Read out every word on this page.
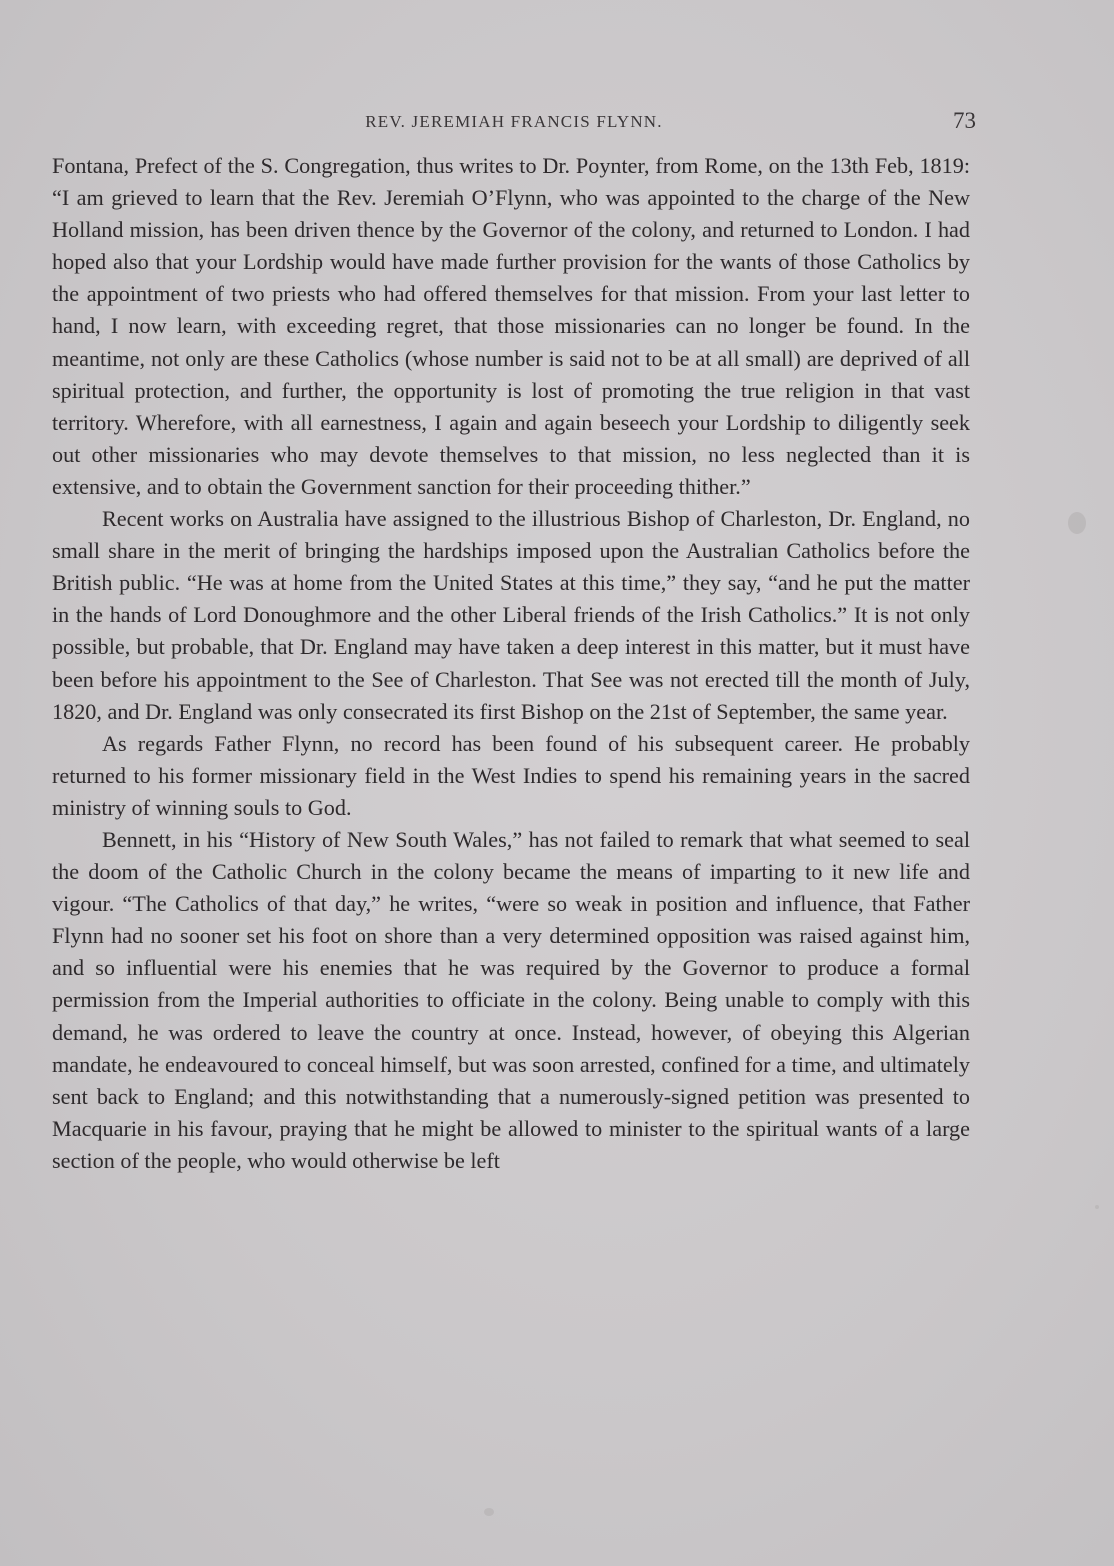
REV. JEREMIAH FRANCIS FLYNN.	73

Fontana, Prefect of the S. Congregation, thus writes to Dr. Poynter, from Rome, on the 13th Feb, 1819: “I am grieved to learn that the Rev. Jeremiah O’Flynn, who was appointed to the charge of the New Holland mission, has been driven thence by the Governor of the colony, and returned to London. I had hoped also that your Lordship would have made further provision for the wants of those Catholics by the appointment of two priests who had offered themselves for that mission. From your last letter to hand, I now learn, with exceeding regret, that those missionaries can no longer be found. In the meantime, not only are these Catholics (whose number is said not to be at all small) are deprived of all spiritual protection, and further, the opportunity is lost of promoting the true religion in that vast territory. Wherefore, with all earnestness, I again and again beseech your Lordship to diligently seek out other missionaries who may devote themselves to that mission, no less neglected than it is extensive, and to obtain the Government sanction for their proceeding thither.”

Recent works on Australia have assigned to the illustrious Bishop of Charleston, Dr. England, no small share in the merit of bringing the hardships imposed upon the Australian Catholics before the British public. “He was at home from the United States at this time,” they say, “and he put the matter in the hands of Lord Donoughmore and the other Liberal friends of the Irish Catholics.” It is not only possible, but probable, that Dr. England may have taken a deep interest in this matter, but it must have been before his appointment to the See of Charleston. That See was not erected till the month of July, 1820, and Dr. England was only consecrated its first Bishop on the 21st of September, the same year.

As regards Father Flynn, no record has been found of his subsequent career. He probably returned to his former missionary field in the West Indies to spend his remaining years in the sacred ministry of winning souls to God.

Bennett, in his “History of New South Wales,” has not failed to remark that what seemed to seal the doom of the Catholic Church in the colony became the means of imparting to it new life and vigour. “The Catholics of that day,” he writes, “were so weak in position and influence, that Father Flynn had no sooner set his foot on shore than a very determined opposition was raised against him, and so influential were his enemies that he was required by the Governor to produce a formal permission from the Imperial authorities to officiate in the colony. Being unable to comply with this demand, he was ordered to leave the country at once. Instead, however, of obeying this Algerian mandate, he endeavoured to conceal himself, but was soon arrested, confined for a time, and ultimately sent back to England; and this notwithstanding that a numerously-signed petition was presented to Macquarie in his favour, praying that he might be allowed to minister to the spiritual wants of a large section of the people, who would otherwise be left
